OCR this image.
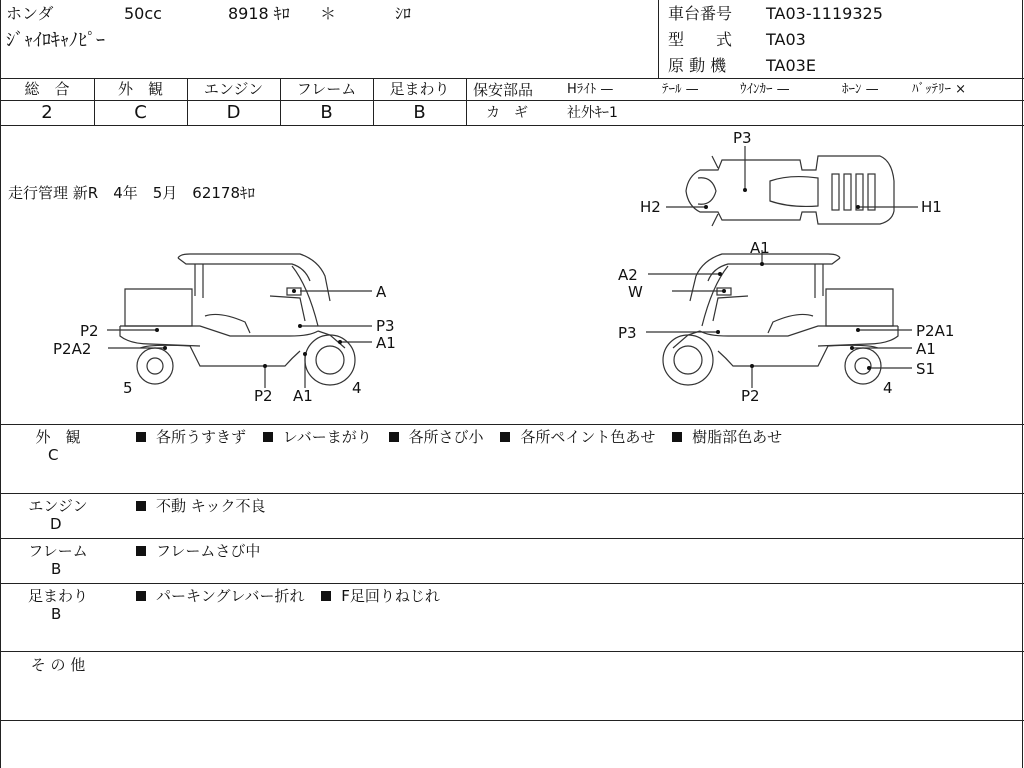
ホンダ	50cc	8918 ｷﾛ ＊	ｼﾛ
ｼﾞｬｲﾛｷｬﾉﾋﾟｰ
車台番号 TA03-1119325
型　　式 TA03
原 動 機 TA03E
総　合	外　観	エンジン	フレーム	足まわり
2	C	D	B	B
保安部品	Hﾗｲﾄ —	ﾃｰﾙ —	ｳｲﾝｶｰ —	ﾎｰﾝ —	ﾊﾞｯﾃﾘｰ ×
カ　ギ	社外ｷｰ1
走行管理 新R　4年　5月　62178ｷﾛ
A
P3
A1
P2
P2A2
5	P2 A1	4
A1
A2
W
P3	P2A1
A1
S1
P2	4
P3
H2	H1
外　観
C
各所うすきず レバーまがり 各所さび小 各所ペイント色あせ 樹脂部色あせ
エンジン
D
不動 キック不良
フレーム
B
フレームさび中
足まわり
B
パーキングレバー折れ F足回りねじれ
そ の 他
